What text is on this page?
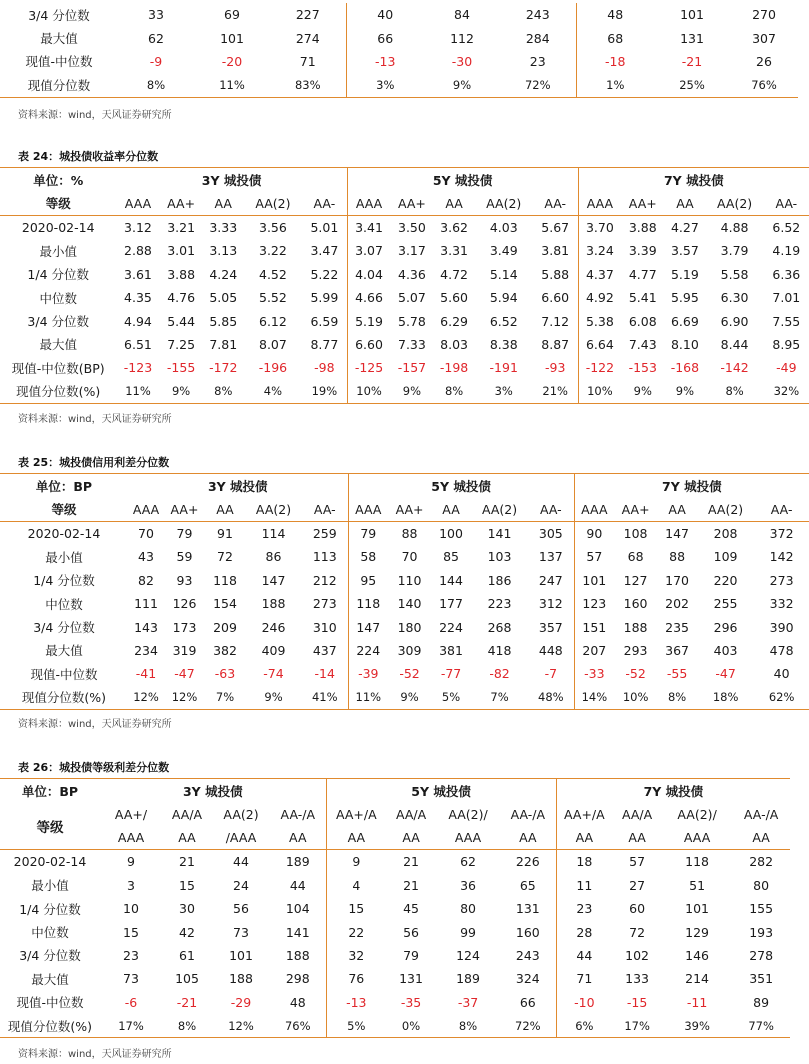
3/4 分位数	33	69	227	40	84	243	48	101	270
最大值	62	101	274	66	112	284	68	131	307
现值-中位数	-9	-20	71	-13	-30	23	-18	-21	26
现值分位数	8%	11%	83%	3%	9%	72%	1%	25%	76%
资料来源：wind，天风证券研究所
表 24：城投债收益率分位数
单位：%	3Y 城投债					5Y 城投债					7Y 城投债				
等级	AAA	AA+	AA	AA(2)	AA-	AAA	AA+	AA	AA(2)	AA-	AAA	AA+	AA	AA(2)	AA-
2020-02-14	3.12	3.21	3.33	3.56	5.01	3.41	3.50	3.62	4.03	5.67	3.70	3.88	4.27	4.88	6.52
最小值	2.88	3.01	3.13	3.22	3.47	3.07	3.17	3.31	3.49	3.81	3.24	3.39	3.57	3.79	4.19
1/4 分位数	3.61	3.88	4.24	4.52	5.22	4.04	4.36	4.72	5.14	5.88	4.37	4.77	5.19	5.58	6.36
中位数	4.35	4.76	5.05	5.52	5.99	4.66	5.07	5.60	5.94	6.60	4.92	5.41	5.95	6.30	7.01
3/4 分位数	4.94	5.44	5.85	6.12	6.59	5.19	5.78	6.29	6.52	7.12	5.38	6.08	6.69	6.90	7.55
最大值	6.51	7.25	7.81	8.07	8.77	6.60	7.33	8.03	8.38	8.87	6.64	7.43	8.10	8.44	8.95
现值-中位数(BP)	-123	-155	-172	-196	-98	-125	-157	-198	-191	-93	-122	-153	-168	-142	-49
现值分位数(%)	11%	9%	8%	4%	19%	10%	9%	8%	3%	21%	10%	9%	9%	8%	32%
资料来源：wind，天风证券研究所
表 25：城投债信用利差分位数
单位：BP	3Y 城投债					5Y 城投债					7Y 城投债				
等级	AAA	AA+	AA	AA(2)	AA-	AAA	AA+	AA	AA(2)	AA-	AAA	AA+	AA	AA(2)	AA-
2020-02-14	70	79	91	114	259	79	88	100	141	305	90	108	147	208	372
最小值	43	59	72	86	113	58	70	85	103	137	57	68	88	109	142
1/4 分位数	82	93	118	147	212	95	110	144	186	247	101	127	170	220	273
中位数	111	126	154	188	273	118	140	177	223	312	123	160	202	255	332
3/4 分位数	143	173	209	246	310	147	180	224	268	357	151	188	235	296	390
最大值	234	319	382	409	437	224	309	381	418	448	207	293	367	403	478
现值-中位数	-41	-47	-63	-74	-14	-39	-52	-77	-82	-7	-33	-52	-55	-47	40
现值分位数(%)	12%	12%	7%	9%	41%	11%	9%	5%	7%	48%	14%	10%	8%	18%	62%
资料来源：wind，天风证券研究所
表 26：城投债等级利差分位数
单位：BP	3Y 城投债				5Y 城投债				7Y 城投债			
等级	AA+/	AA/A	AA(2)	AA-/A	AA+/A	AA/A	AA(2)/	AA-/A	AA+/A	AA/A	AA(2)/	AA-/A
	AAA	AA	/AAA	AA	AA	AA	AAA	AA	AA	AA	AAA	AA
2020-02-14	9	21	44	189	9	21	62	226	18	57	118	282
最小值	3	15	24	44	4	21	36	65	11	27	51	80
1/4 分位数	10	30	56	104	15	45	80	131	23	60	101	155
中位数	15	42	73	141	22	56	99	160	28	72	129	193
3/4 分位数	23	61	101	188	32	79	124	243	44	102	146	278
最大值	73	105	188	298	76	131	189	324	71	133	214	351
现值-中位数	-6	-21	-29	48	-13	-35	-37	66	-10	-15	-11	89
现值分位数(%)	17%	8%	12%	76%	5%	0%	8%	72%	6%	17%	39%	77%
资料来源：wind，天风证券研究所
